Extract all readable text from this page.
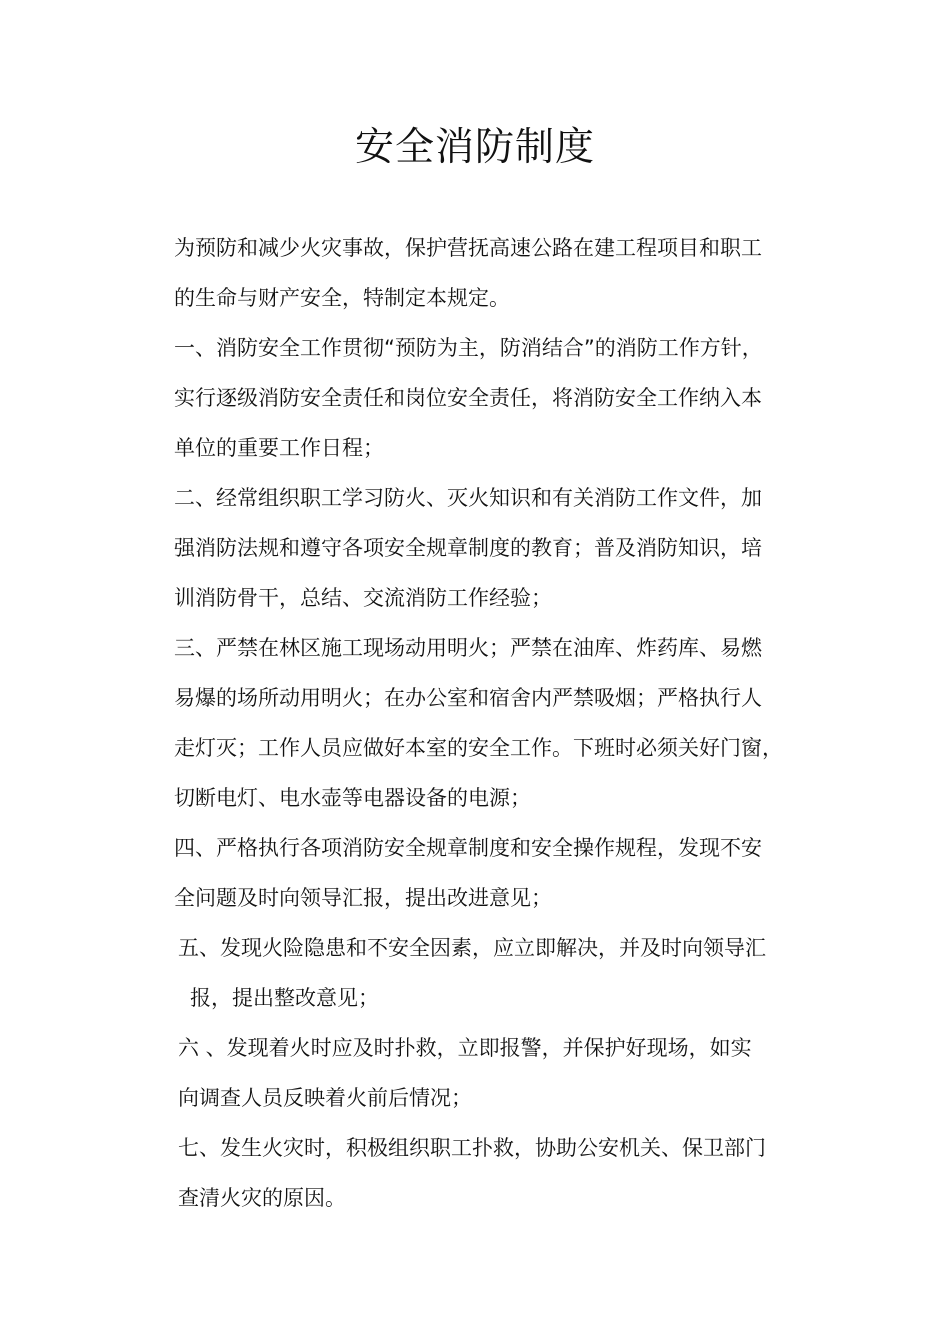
安全消防制度
为预防和减少火灾事故，保护营抚高速公路在建工程项目和职工
的生命与财产安全，特制定本规定。
一、消防安全工作贯彻“预防为主，防消结合”的消防工作方针，
实行逐级消防安全责任和岗位安全责任，将消防安全工作纳入本
单位的重要工作日程；
二、经常组织职工学习防火、灭火知识和有关消防工作文件，加
强消防法规和遵守各项安全规章制度的教育；普及消防知识，培
训消防骨干，总结、交流消防工作经验；
三、严禁在林区施工现场动用明火；严禁在油库、炸药库、易燃
易爆的场所动用明火；在办公室和宿舍内严禁吸烟；严格执行人
走灯灭；工作人员应做好本室的安全工作。下班时必须关好门窗，
切断电灯、电水壶等电器设备的电源；
四、严格执行各项消防安全规章制度和安全操作规程，发现不安
全问题及时向领导汇报，提出改进意见；
五、发现火险隐患和不安全因素，应立即解决，并及时向领导汇
报，提出整改意见；
六 、发现着火时应及时扑救，立即报警，并保护好现场，如实
向调查人员反映着火前后情况；
七、发生火灾时，积极组织职工扑救，协助公安机关、保卫部门
查清火灾的原因。
